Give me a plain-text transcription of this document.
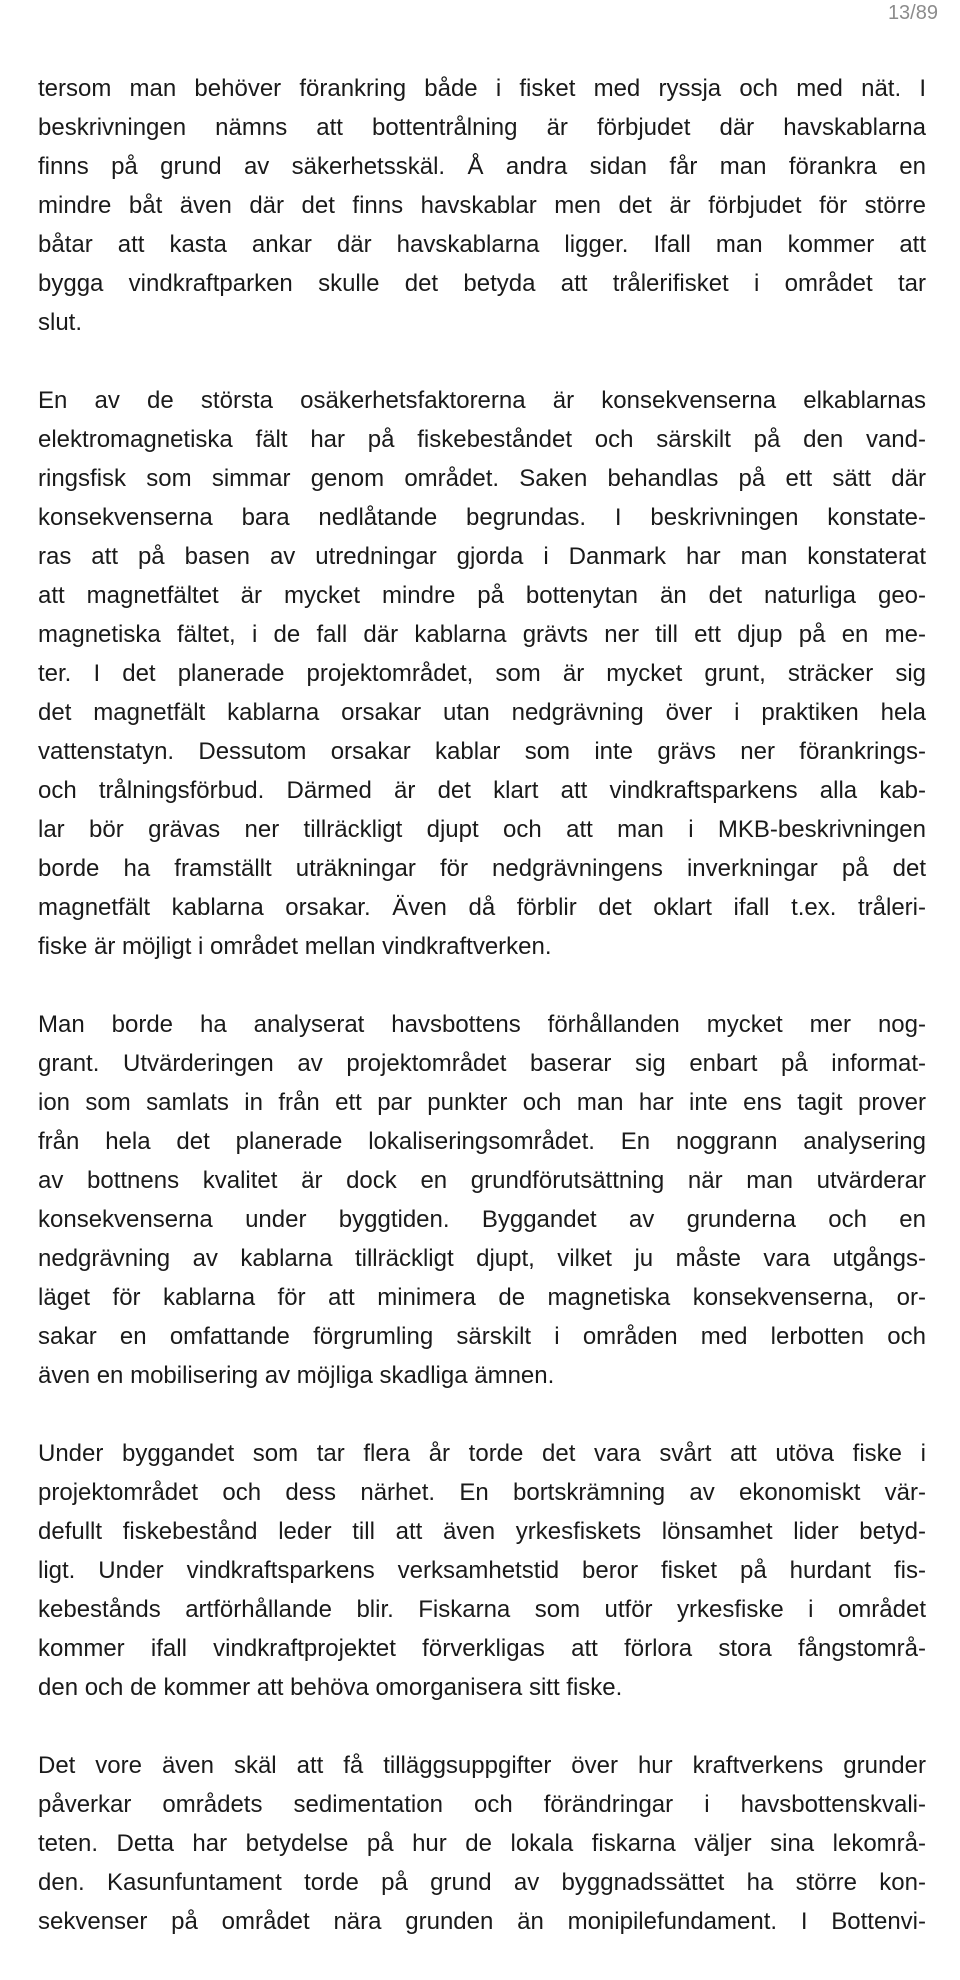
13/89

tersom man behöver förankring både i fisket med ryssja och med nät. I
beskrivningen nämns att bottentrålning är förbjudet där havskablarna
finns på grund av säkerhetsskäl. Å andra sidan får man förankra en
mindre båt även där det finns havskablar men det är förbjudet för större
båtar att kasta ankar där havskablarna ligger. Ifall man kommer att
bygga vindkraftparken skulle det betyda att trålerifisket i området tar
slut.

En av de största osäkerhetsfaktorerna är konsekvenserna elkablarnas
elektromagnetiska fält har på fiskebeståndet och särskilt på den vand-
ringsfisk som simmar genom området. Saken behandlas på ett sätt där
konsekvenserna bara nedlåtande begrundas. I beskrivningen konstate-
ras att på basen av utredningar gjorda i Danmark har man konstaterat
att magnetfältet är mycket mindre på bottenytan än det naturliga geo-
magnetiska fältet, i de fall där kablarna grävts ner till ett djup på en me-
ter. I det planerade projektområdet, som är mycket grunt, sträcker sig
det magnetfält kablarna orsakar utan nedgrävning över i praktiken hela
vattenstatyn. Dessutom orsakar kablar som inte grävs ner förankrings-
och trålningsförbud. Därmed är det klart att vindkraftsparkens alla kab-
lar bör grävas ner tillräckligt djupt och att man i MKB-beskrivningen
borde ha framställt uträkningar för nedgrävningens inverkningar på det
magnetfält kablarna orsakar. Även då förblir det oklart ifall t.ex. tråleri-
fiske är möjligt i området mellan vindkraftverken.

Man borde ha analyserat havsbottens förhållanden mycket mer nog-
grant. Utvärderingen av projektområdet baserar sig enbart på informat-
ion som samlats in från ett par punkter och man har inte ens tagit prover
från hela det planerade lokaliseringsområdet. En noggrann analysering
av bottnens kvalitet är dock en grundförutsättning när man utvärderar
konsekvenserna under byggtiden. Byggandet av grunderna och en
nedgrävning av kablarna tillräckligt djupt, vilket ju måste vara utgångs-
läget för kablarna för att minimera de magnetiska konsekvenserna, or-
sakar en omfattande förgrumling särskilt i områden med lerbotten och
även en mobilisering av möjliga skadliga ämnen.

Under byggandet som tar flera år torde det vara svårt att utöva fiske i
projektområdet och dess närhet. En bortskrämning av ekonomiskt vär-
defullt fiskebestånd leder till att även yrkesfiskets lönsamhet lider betyd-
ligt. Under vindkraftsparkens verksamhetstid beror fisket på hurdant fis-
kebestånds artförhållande blir. Fiskarna som utför yrkesfiske i området
kommer ifall vindkraftprojektet förverkligas att förlora stora fångstområ-
den och de kommer att behöva omorganisera sitt fiske.

Det vore även skäl att få tilläggsuppgifter över hur kraftverkens grunder
påverkar områdets sedimentation och förändringar i havsbottenskvali-
teten. Detta har betydelse på hur de lokala fiskarna väljer sina lekområ-
den. Kasunfuntament torde på grund av byggnadssättet ha större kon-
sekvenser på området nära grunden än monipilefundament. I Bottenvi-
